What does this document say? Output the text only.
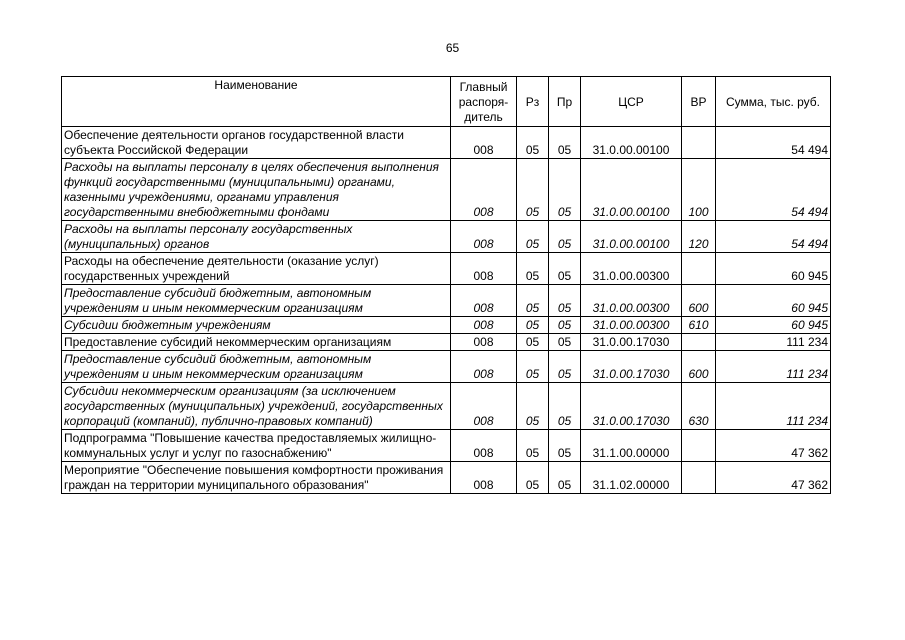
65
Наименование	Главный распоря-дитель	Рз	Пр	ЦСР	ВР	Сумма, тыс. руб.
Обеспечение деятельности органов государственной власти субъекта Российской Федерации	008	05	05	31.0.00.00100		54 494
Расходы на выплаты персоналу в целях обеспечения выполнения функций государственными (муниципальными) органами, казенными учреждениями, органами управления государственными внебюджетными фондами	008	05	05	31.0.00.00100	100	54 494
Расходы на выплаты персоналу государственных (муниципальных) органов	008	05	05	31.0.00.00100	120	54 494
Расходы на обеспечение деятельности (оказание услуг) государственных учреждений	008	05	05	31.0.00.00300		60 945
Предоставление субсидий бюджетным, автономным учреждениям и иным некоммерческим организациям	008	05	05	31.0.00.00300	600	60 945
Субсидии бюджетным учреждениям	008	05	05	31.0.00.00300	610	60 945
Предоставление субсидий некоммерческим организациям	008	05	05	31.0.00.17030		111 234
Предоставление субсидий бюджетным, автономным учреждениям и иным некоммерческим организациям	008	05	05	31.0.00.17030	600	111 234
Субсидии некоммерческим организациям (за исключением государственных (муниципальных) учреждений, государственных корпораций (компаний), публично-правовых компаний)	008	05	05	31.0.00.17030	630	111 234
Подпрограмма "Повышение качества предоставляемых жилищно-коммунальных услуг и услуг по газоснабжению"	008	05	05	31.1.00.00000		47 362
Мероприятие "Обеспечение повышения комфортности проживания граждан на территории муниципального образования"	008	05	05	31.1.02.00000		47 362
